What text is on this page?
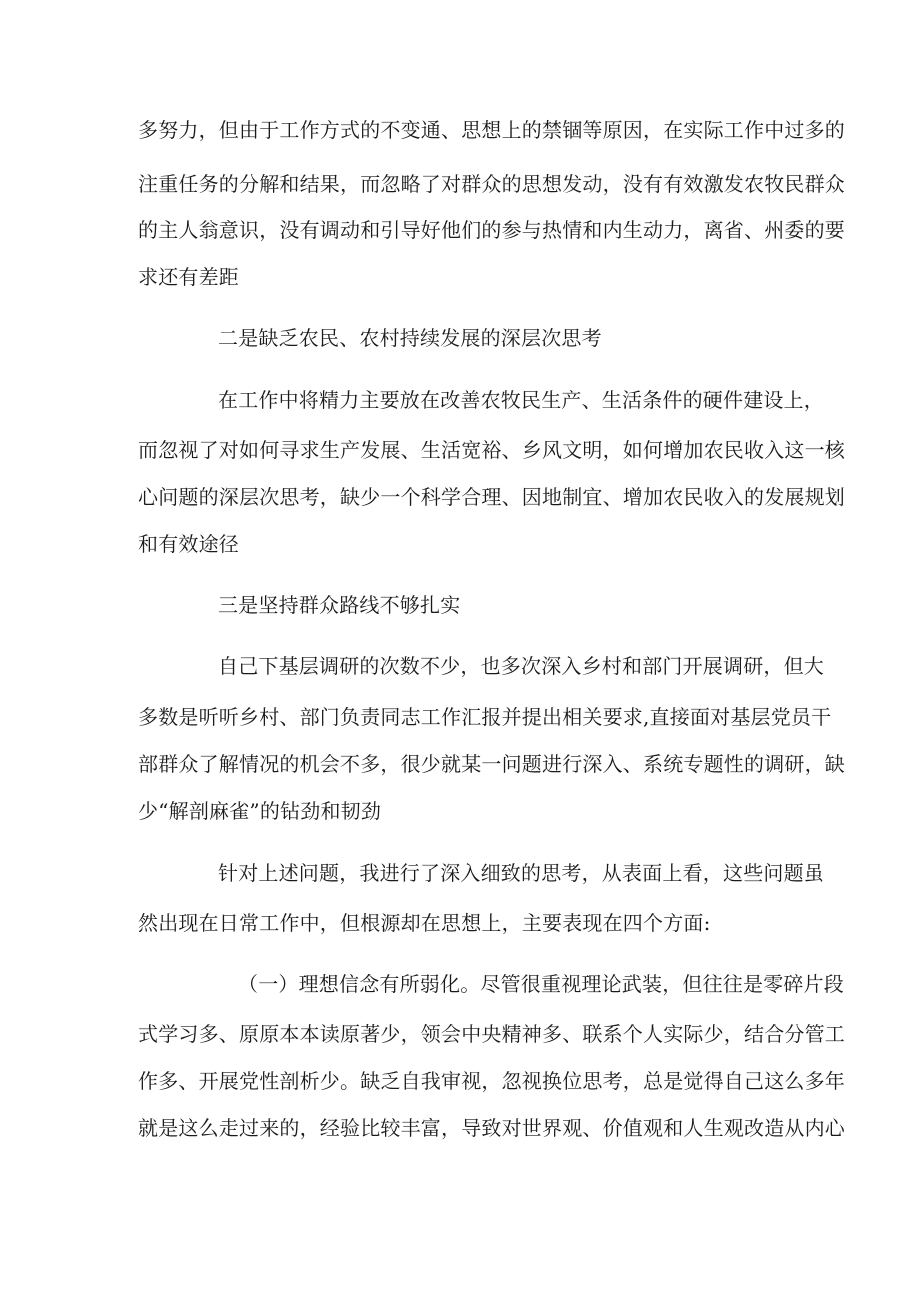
多努力，但由于工作方式的不变通、思想上的禁锢等原因，在实际工作中过多的
注重任务的分解和结果，而忽略了对群众的思想发动，没有有效激发农牧民群众
的主人翁意识，没有调动和引导好他们的参与热情和内生动力，离省、州委的要
求还有差距
二是缺乏农民、农村持续发展的深层次思考
在工作中将精力主要放在改善农牧民生产、生活条件的硬件建设上，
而忽视了对如何寻求生产发展、生活宽裕、乡风文明，如何增加农民收入这一核
心问题的深层次思考，缺少一个科学合理、因地制宜、增加农民收入的发展规划
和有效途径
三是坚持群众路线不够扎实
自己下基层调研的次数不少，也多次深入乡村和部门开展调研，但大
多数是听听乡村、部门负责同志工作汇报并提出相关要求,直接面对基层党员干
部群众了解情况的机会不多，很少就某一问题进行深入、系统专题性的调研，缺
少“解剖麻雀”的钻劲和韧劲
针对上述问题，我进行了深入细致的思考，从表面上看，这些问题虽
然出现在日常工作中，但根源却在思想上，主要表现在四个方面:
（一）理想信念有所弱化。尽管很重视理论武装，但往往是零碎片段
式学习多、原原本本读原著少，领会中央精神多、联系个人实际少，结合分管工
作多、开展党性剖析少。缺乏自我审视，忽视换位思考，总是觉得自己这么多年
就是这么走过来的，经验比较丰富，导致对世界观、价值观和人生观改造从内心
